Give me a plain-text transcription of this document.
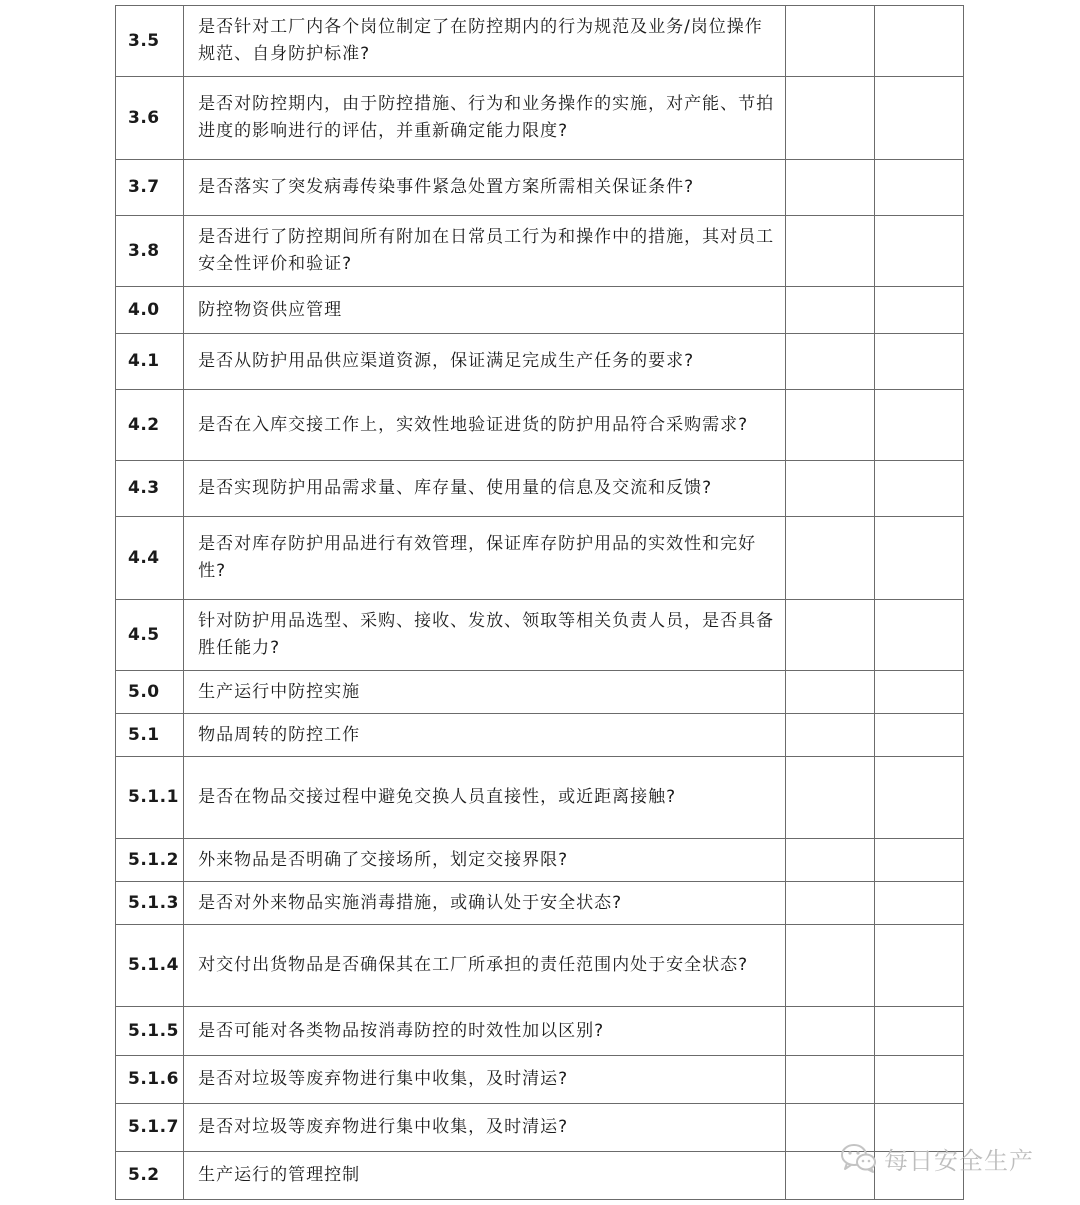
3.5	是否针对工厂内各个岗位制定了在防控期内的行为规范及业务/岗位操作规范、自身防护标准?		
3.6	是否对防控期内，由于防控措施、行为和业务操作的实施，对产能、节拍进度的影响进行的评估，并重新确定能力限度?		
3.7	是否落实了突发病毒传染事件紧急处置方案所需相关保证条件?		
3.8	是否进行了防控期间所有附加在日常员工行为和操作中的措施，其对员工安全性评价和验证?		
4.0	防控物资供应管理		
4.1	是否从防护用品供应渠道资源，保证满足完成生产任务的要求?		
4.2	是否在入库交接工作上，实效性地验证进货的防护用品符合采购需求?		
4.3	是否实现防护用品需求量、库存量、使用量的信息及交流和反馈?		
4.4	是否对库存防护用品进行有效管理，保证库存防护用品的实效性和完好性?		
4.5	针对防护用品选型、采购、接收、发放、领取等相关负责人员，是否具备胜任能力?		
5.0	生产运行中防控实施		
5.1	物品周转的防控工作		
5.1.1	是否在物品交接过程中避免交换人员直接性，或近距离接触?		
5.1.2	外来物品是否明确了交接场所，划定交接界限?		
5.1.3	是否对外来物品实施消毒措施，或确认处于安全状态?		
5.1.4	对交付出货物品是否确保其在工厂所承担的责任范围内处于安全状态?		
5.1.5	是否可能对各类物品按消毒防控的时效性加以区别?		
5.1.6	是否对垃圾等废弃物进行集中收集，及时清运?		
5.1.7	是否对垃圾等废弃物进行集中收集，及时清运?		
5.2	生产运行的管理控制		
每日安全生产
